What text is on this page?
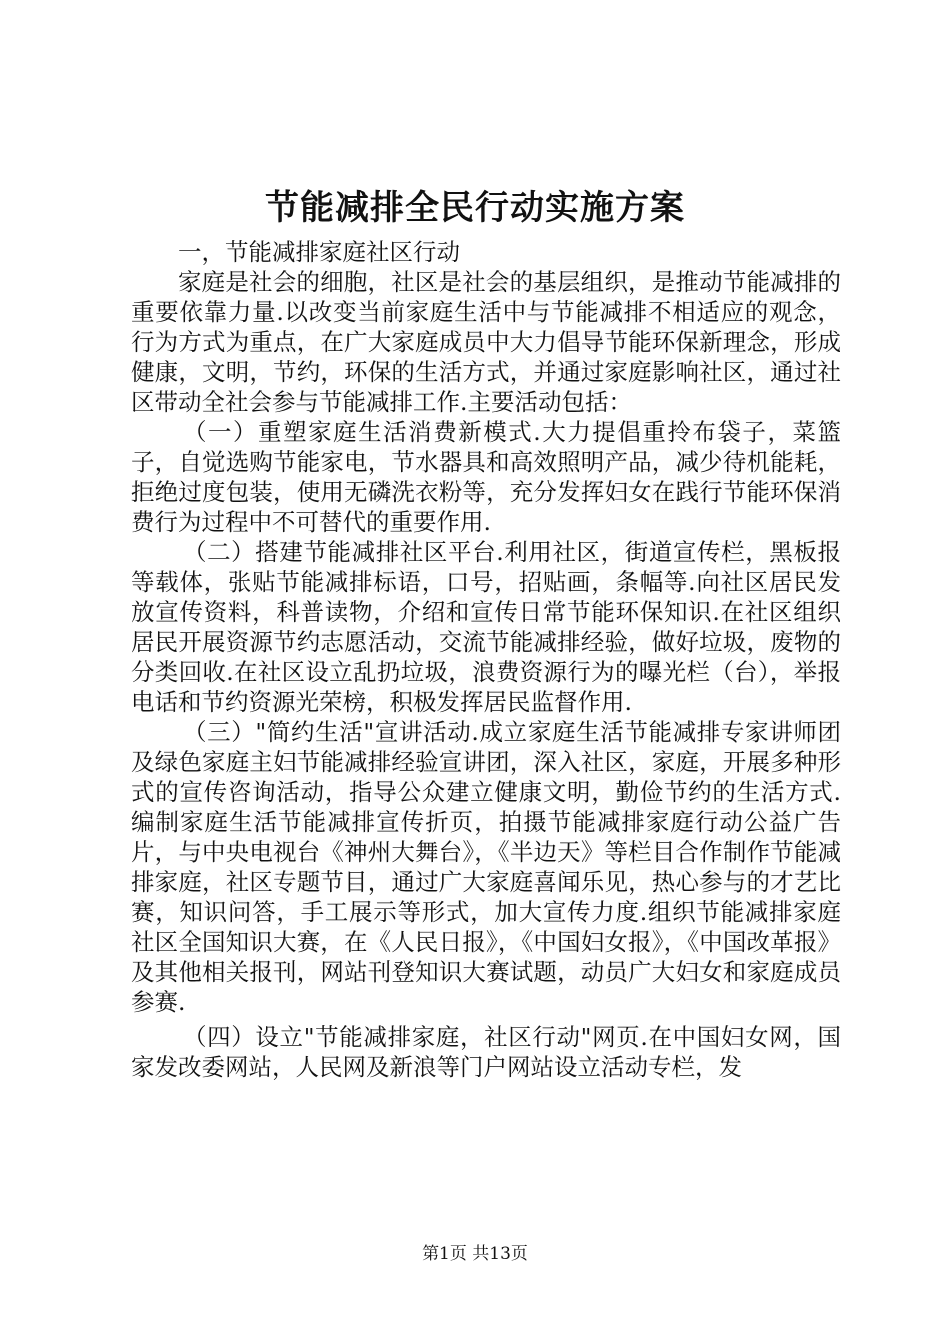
节能减排全民行动实施方案

一，节能减排家庭社区行动

家庭是社会的细胞，社区是社会的基层组织，是推动节能减排的重要依靠力量.以改变当前家庭生活中与节能减排不相适应的观念，行为方式为重点，在广大家庭成员中大力倡导节能环保新理念，形成健康，文明，节约，环保的生活方式，并通过家庭影响社区，通过社区带动全社会参与节能减排工作.主要活动包括：

（一）重塑家庭生活消费新模式.大力提倡重拎布袋子，菜篮子，自觉选购节能家电，节水器具和高效照明产品，减少待机能耗，拒绝过度包装，使用无磷洗衣粉等，充分发挥妇女在践行节能环保消费行为过程中不可替代的重要作用.

（二）搭建节能减排社区平台.利用社区，街道宣传栏，黑板报等载体，张贴节能减排标语，口号，招贴画，条幅等.向社区居民发放宣传资料，科普读物，介绍和宣传日常节能环保知识.在社区组织居民开展资源节约志愿活动，交流节能减排经验，做好垃圾，废物的分类回收.在社区设立乱扔垃圾，浪费资源行为的曝光栏（台），举报电话和节约资源光荣榜，积极发挥居民监督作用.

（三）"简约生活"宣讲活动.成立家庭生活节能减排专家讲师团及绿色家庭主妇节能减排经验宣讲团，深入社区，家庭，开展多种形式的宣传咨询活动，指导公众建立健康文明，勤俭节约的生活方式.编制家庭生活节能减排宣传折页，拍摄节能减排家庭行动公益广告片，与中央电视台《神州大舞台》，《半边天》等栏目合作制作节能减排家庭，社区专题节目，通过广大家庭喜闻乐见，热心参与的才艺比赛，知识问答，手工展示等形式，加大宣传力度.组织节能减排家庭社区全国知识大赛，在《人民日报》，《中国妇女报》，《中国改革报》及其他相关报刊，网站刊登知识大赛试题，动员广大妇女和家庭成员参赛.

（四）设立"节能减排家庭，社区行动"网页.在中国妇女网，国家发改委网站，人民网及新浪等门户网站设立活动专栏，发

第1页 共13页
